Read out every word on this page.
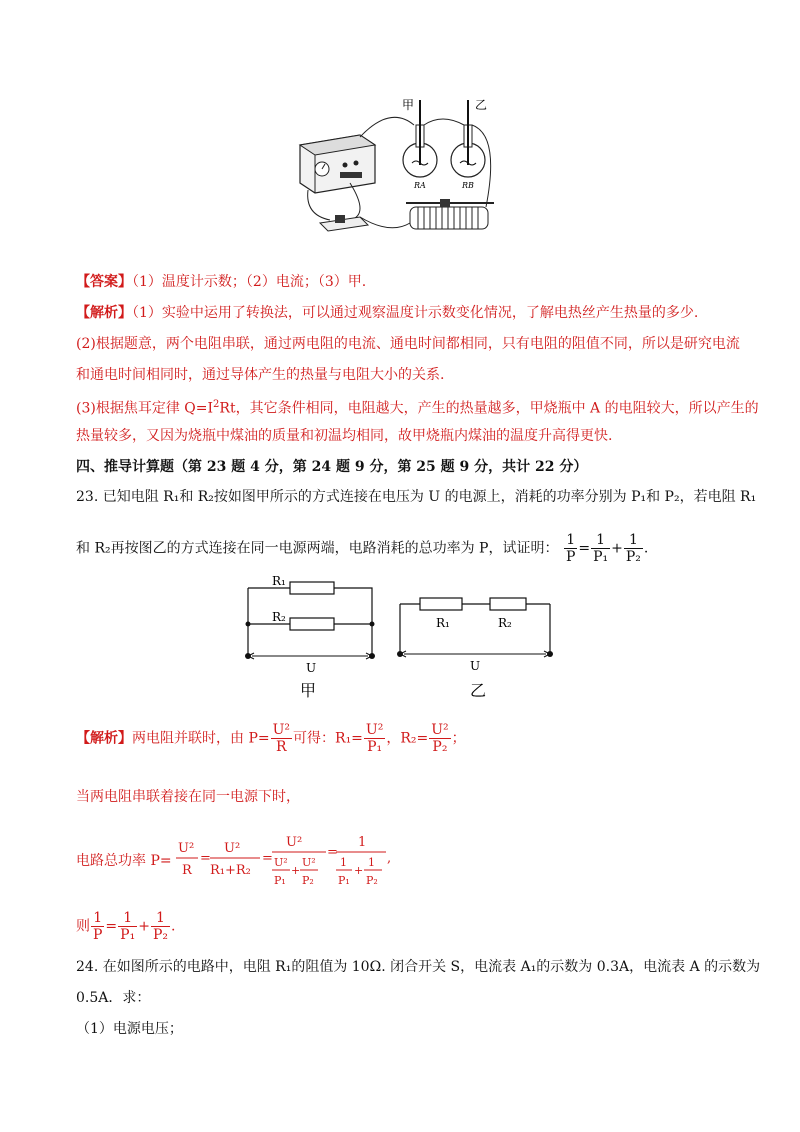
甲	乙
RA	RB
【答案】（1）温度计示数；（2）电流；（3）甲.
【解析】（1）实验中运用了转换法，可以通过观察温度计示数变化情况，了解电热丝产生热量的多少.
(2)根据题意，两个电阻串联，通过两电阻的电流、通电时间都相同，只有电阻的阻值不同，所以是研究电流
和通电时间相同时，通过导体产生的热量与电阻大小的关系.
(3)根据焦耳定律 $Q=I^2Rt$，其它条件相同，电阻越大，产生的热量越多，甲烧瓶中 A 的电阻较大，所以产生的
热量较多，又因为烧瓶中煤油的质量和初温均相同，故甲烧瓶内煤油的温度升高得更快.
四、推导计算题（第 23 题 4 分，第 24 题 9 分，第 25 题 9 分，共计 22 分）
23. 已知电阻 R₁和 R₂按如图甲所示的方式连接在电压为 U 的电源上，消耗的功率分别为 P₁和 P₂，若电阻 R₁
和 R₂再按图乙的方式连接在同一电源两端，电路消耗的总功率为 P，试证明： $\frac{1}{P} = \frac{1}{\text{P₁}} + \frac{1}{\text{P₂}}$ .
R₁
R₂
U
甲
R₁	R₂
U
乙
【解析】两电阻并联时，由 $P= \frac{\text{U²}}{R}$ 可得：$R_1= \frac{\text{U²}}{\text{P₁}}$ ，$R_2= \frac{\text{U²}}{\text{P₂}}$ ；
当两电阻串联着接在同一电源下时，
电路总功率 P=
U²
R
=
U²
R₁+R₂
=
U²
U²
P₁
+
U²
P₂
=
1
1
P₁
+
1
P₂
,
则 $\frac{1}{P} = \frac{1}{\text{P₁}} + \frac{1}{\text{P₂}}$ .
24. 在如图所示的电路中，电阻 R₁的阻值为 10Ω. 闭合开关 S，电流表 A₁的示数为 0.3A，电流表 A 的示数为
0.5A．求：
（1）电源电压；
